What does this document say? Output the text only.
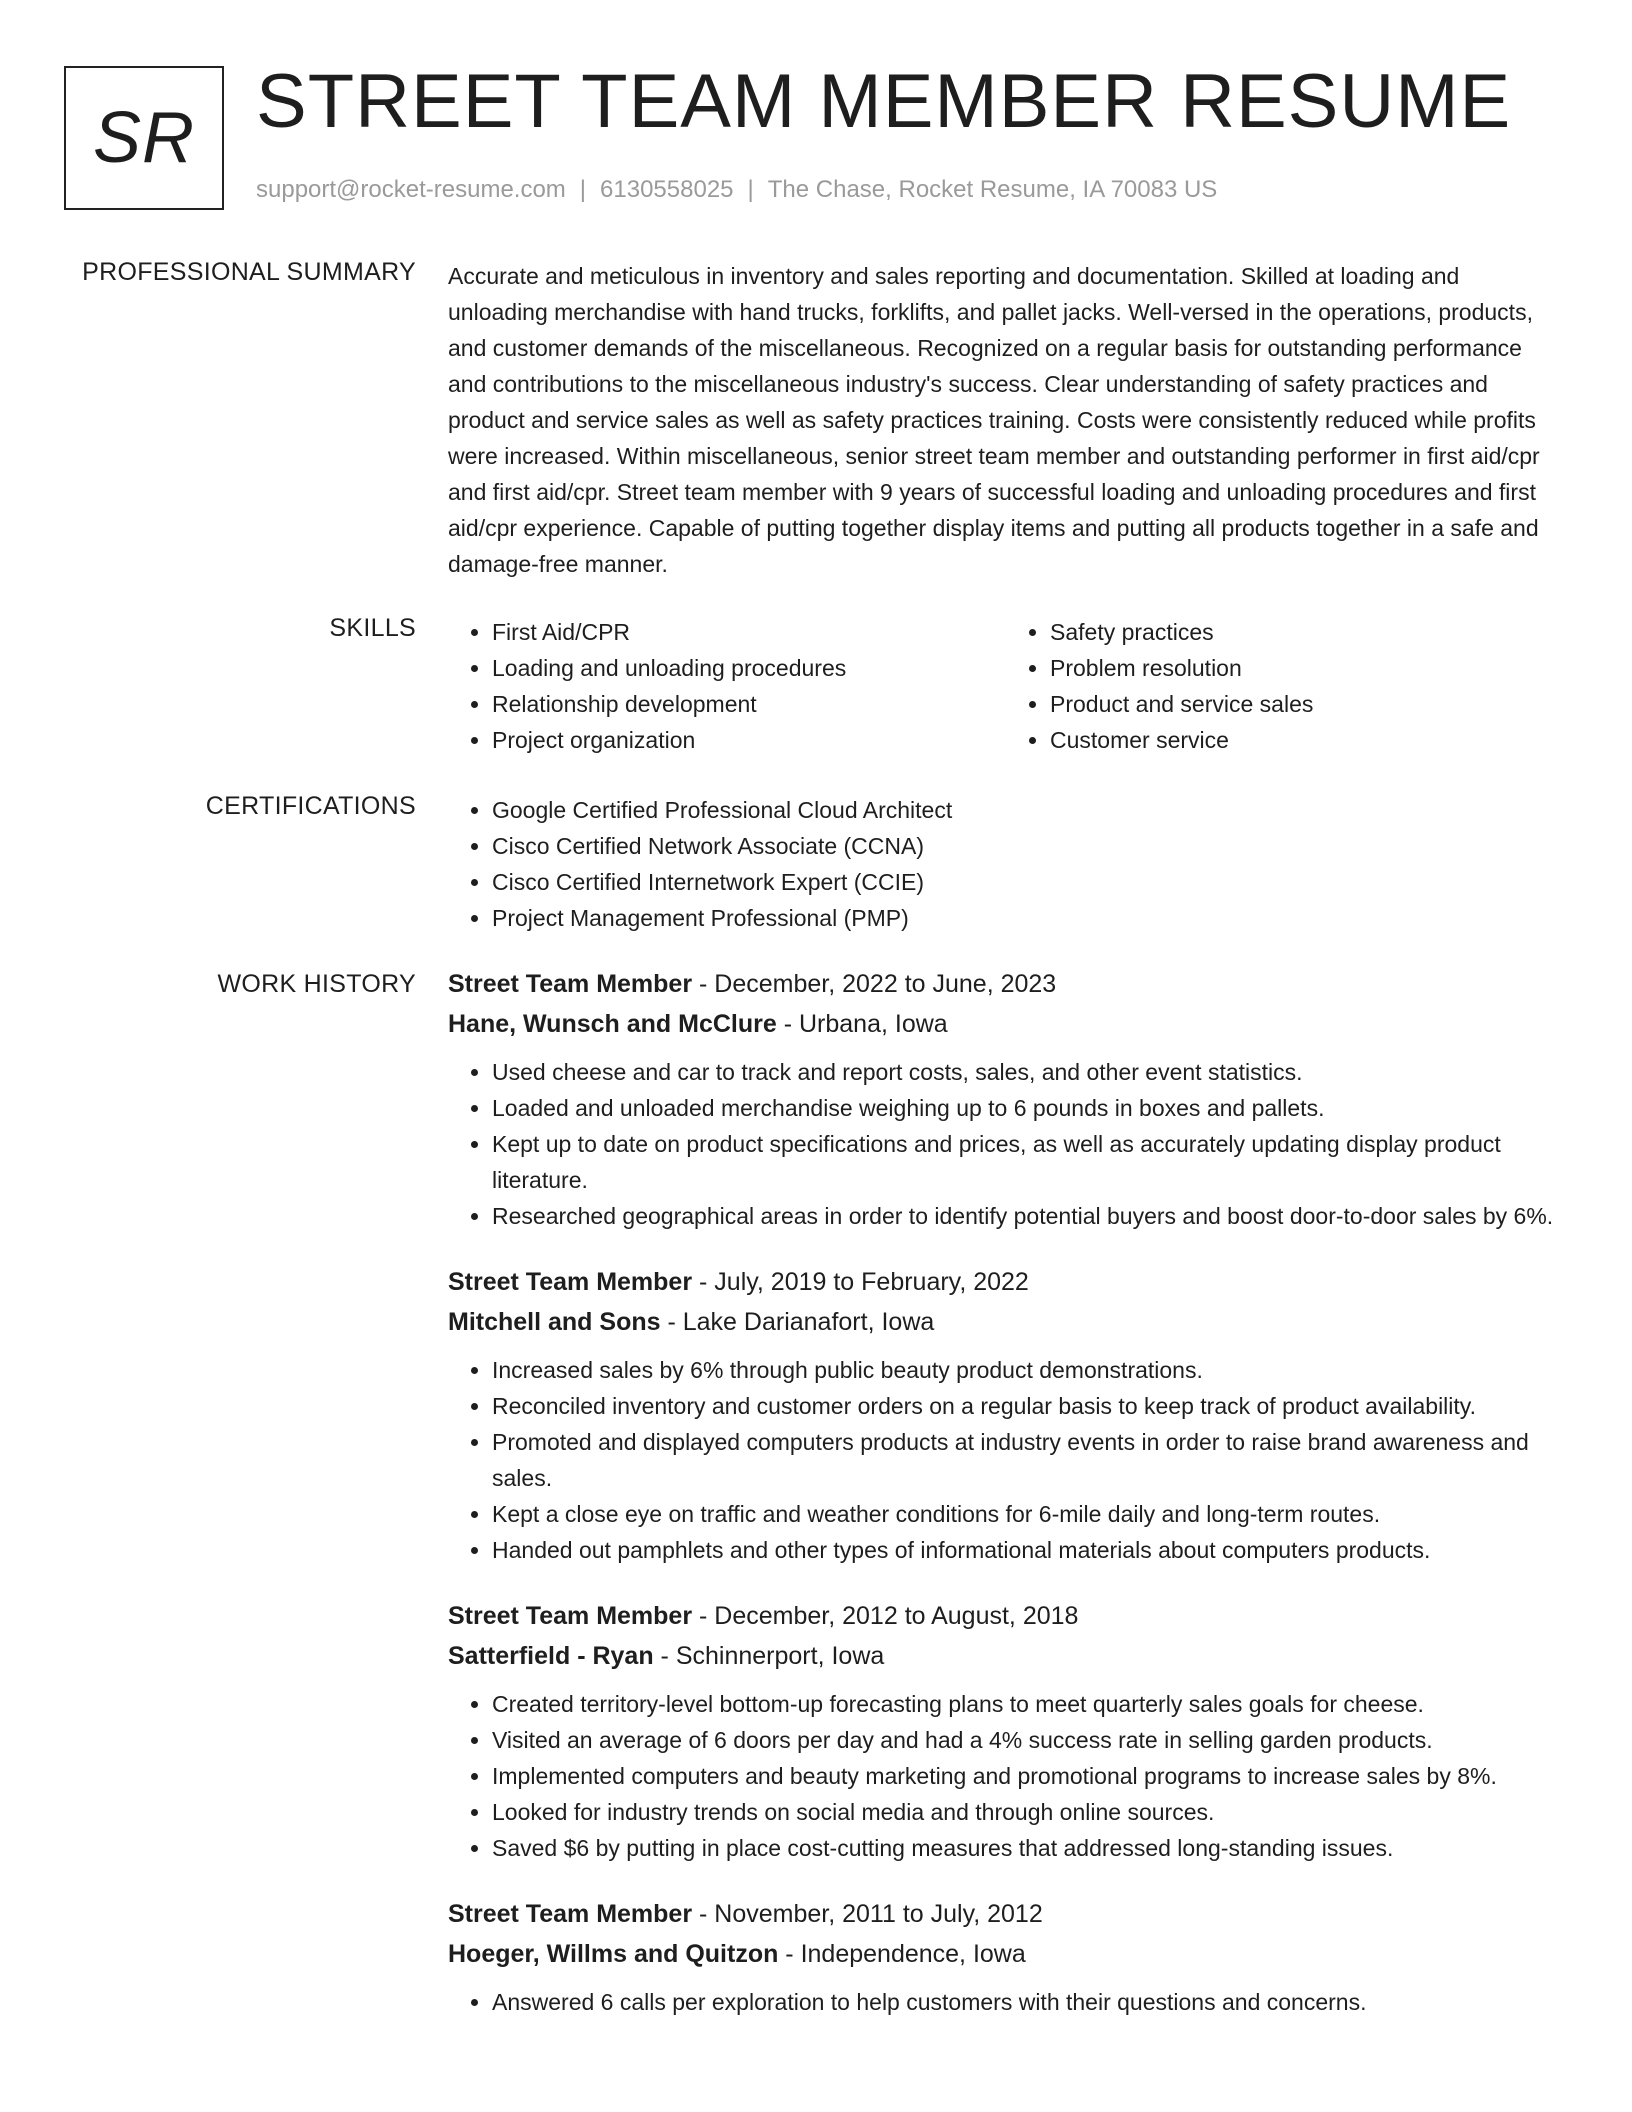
SR STREET TEAM MEMBER RESUME
support@rocket-resume.com | 6130558025 | The Chase, Rocket Resume, IA 70083 US
PROFESSIONAL SUMMARY Accurate and meticulous in inventory and sales reporting and documentation. Skilled at loading and unloading merchandise with hand trucks, forklifts, and pallet jacks. Well-versed in the operations, products, and customer demands of the miscellaneous. Recognized on a regular basis for outstanding performance and contributions to the miscellaneous industry's success. Clear understanding of safety practices and product and service sales as well as safety practices training. Costs were consistently reduced while profits were increased. Within miscellaneous, senior street team member and outstanding performer in first aid/cpr and first aid/cpr. Street team member with 9 years of successful loading and unloading procedures and first aid/cpr experience. Capable of putting together display items and putting all products together in a safe and damage-free manner.

SKILLS	• First Aid/CPR
• Loading and unloading procedures
• Relationship development
• Project organization
• Safety practices
• Problem resolution
• Product and service sales
• Customer service
CERTIFICATIONS	• Google Certified Professional Cloud Architect
• Cisco Certified Network Associate (CCNA)
• Cisco Certified Internetwork Expert (CCIE)
• Project Management Professional (PMP)
WORK HISTORY Street Team Member - December, 2022 to June, 2023
Hane, Wunsch and McClure - Urbana, Iowa
• Used cheese and car to track and report costs, sales, and other event statistics.
• Loaded and unloaded merchandise weighing up to 6 pounds in boxes and pallets.
• Kept up to date on product specifications and prices, as well as accurately updating display product literature.
• Researched geographical areas in order to identify potential buyers and boost door-to-door sales by 6%.
Street Team Member - July, 2019 to February, 2022
Mitchell and Sons - Lake Darianafort, Iowa
• Increased sales by 6% through public beauty product demonstrations.
• Reconciled inventory and customer orders on a regular basis to keep track of product availability.
• Promoted and displayed computers products at industry events in order to raise brand awareness and sales.
• Kept a close eye on traffic and weather conditions for 6-mile daily and long-term routes.
• Handed out pamphlets and other types of informational materials about computers products.
Street Team Member - December, 2012 to August, 2018
Satterfield - Ryan - Schinnerport, Iowa
• Created territory-level bottom-up forecasting plans to meet quarterly sales goals for cheese.
• Visited an average of 6 doors per day and had a 4% success rate in selling garden products.
• Implemented computers and beauty marketing and promotional programs to increase sales by 8%.
• Looked for industry trends on social media and through online sources.
• Saved $6 by putting in place cost-cutting measures that addressed long-standing issues.
Street Team Member - November, 2011 to July, 2012
Hoeger, Willms and Quitzon - Independence, Iowa
• Answered 6 calls per exploration to help customers with their questions and concerns.
